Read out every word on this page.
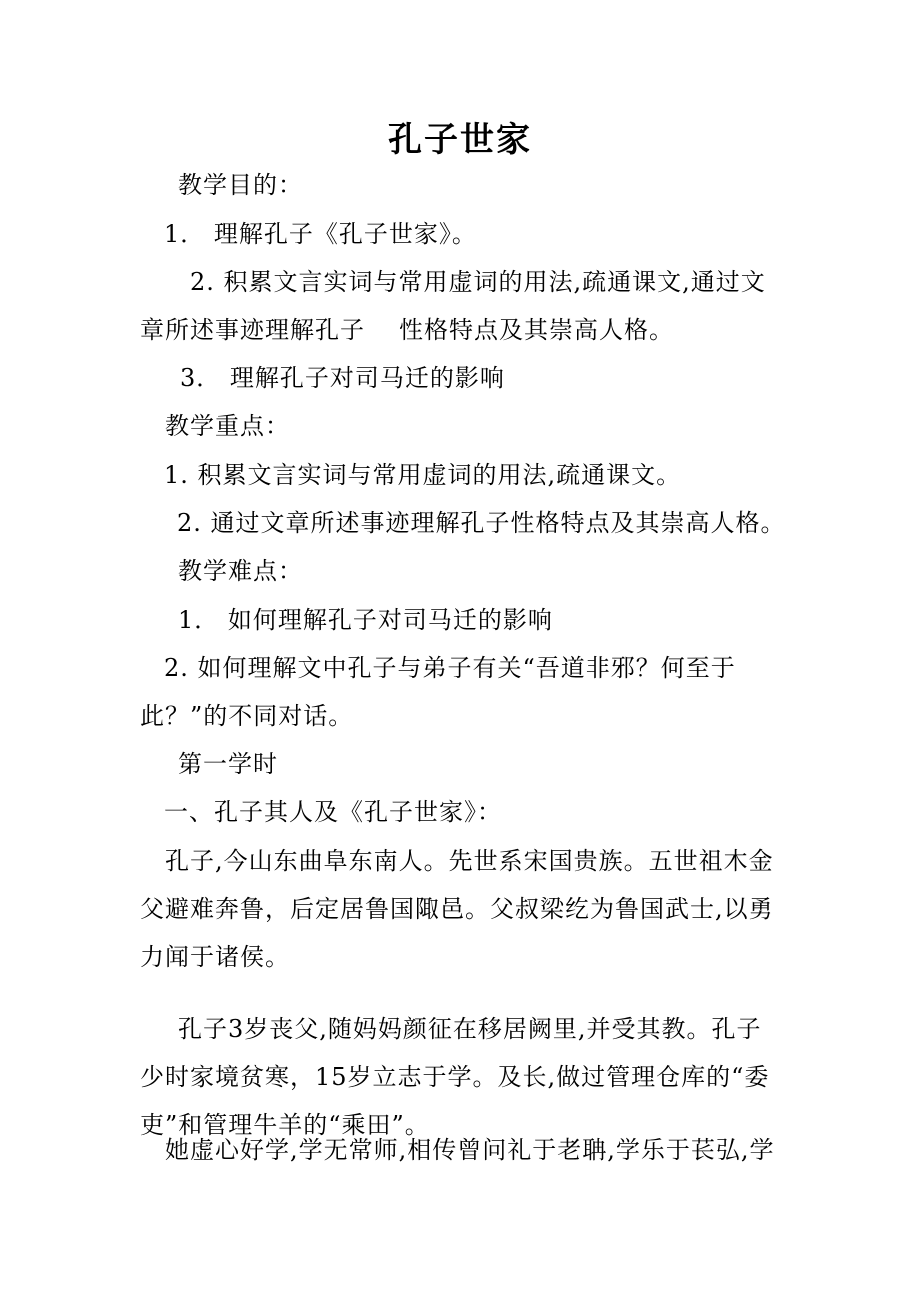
孔子世家
教学目的：
1． 理解孔子《孔子世家》。
2. 积累文言实词与常用虚词的用法,疏通课文,通过文
章所述事迹理解孔子 性格特点及其崇高人格。
3． 理解孔子对司马迁的影响
教学重点：
1. 积累文言实词与常用虚词的用法,疏通课文。
2. 通过文章所述事迹理解孔子性格特点及其崇高人格。
教学难点：
1． 如何理解孔子对司马迁的影响
2. 如何理解文中孔子与弟子有关“吾道非邪？何至于
此？”的不同对话。
第一学时
一、孔子其人及《孔子世家》：
孔子,今山东曲阜东南人。先世系宋国贵族。五世祖木金
父避难奔鲁，后定居鲁国陬邑。父叔梁纥为鲁国武士,以勇
力闻于诸侯。
孔子3岁丧父,随妈妈颜征在移居阙里,并受其教。孔子
少时家境贫寒，15岁立志于学。及长,做过管理仓库的“委
吏”和管理牛羊的“乘田”。
她虚心好学,学无常师,相传曾问礼于老聃,学乐于苌弘,学
